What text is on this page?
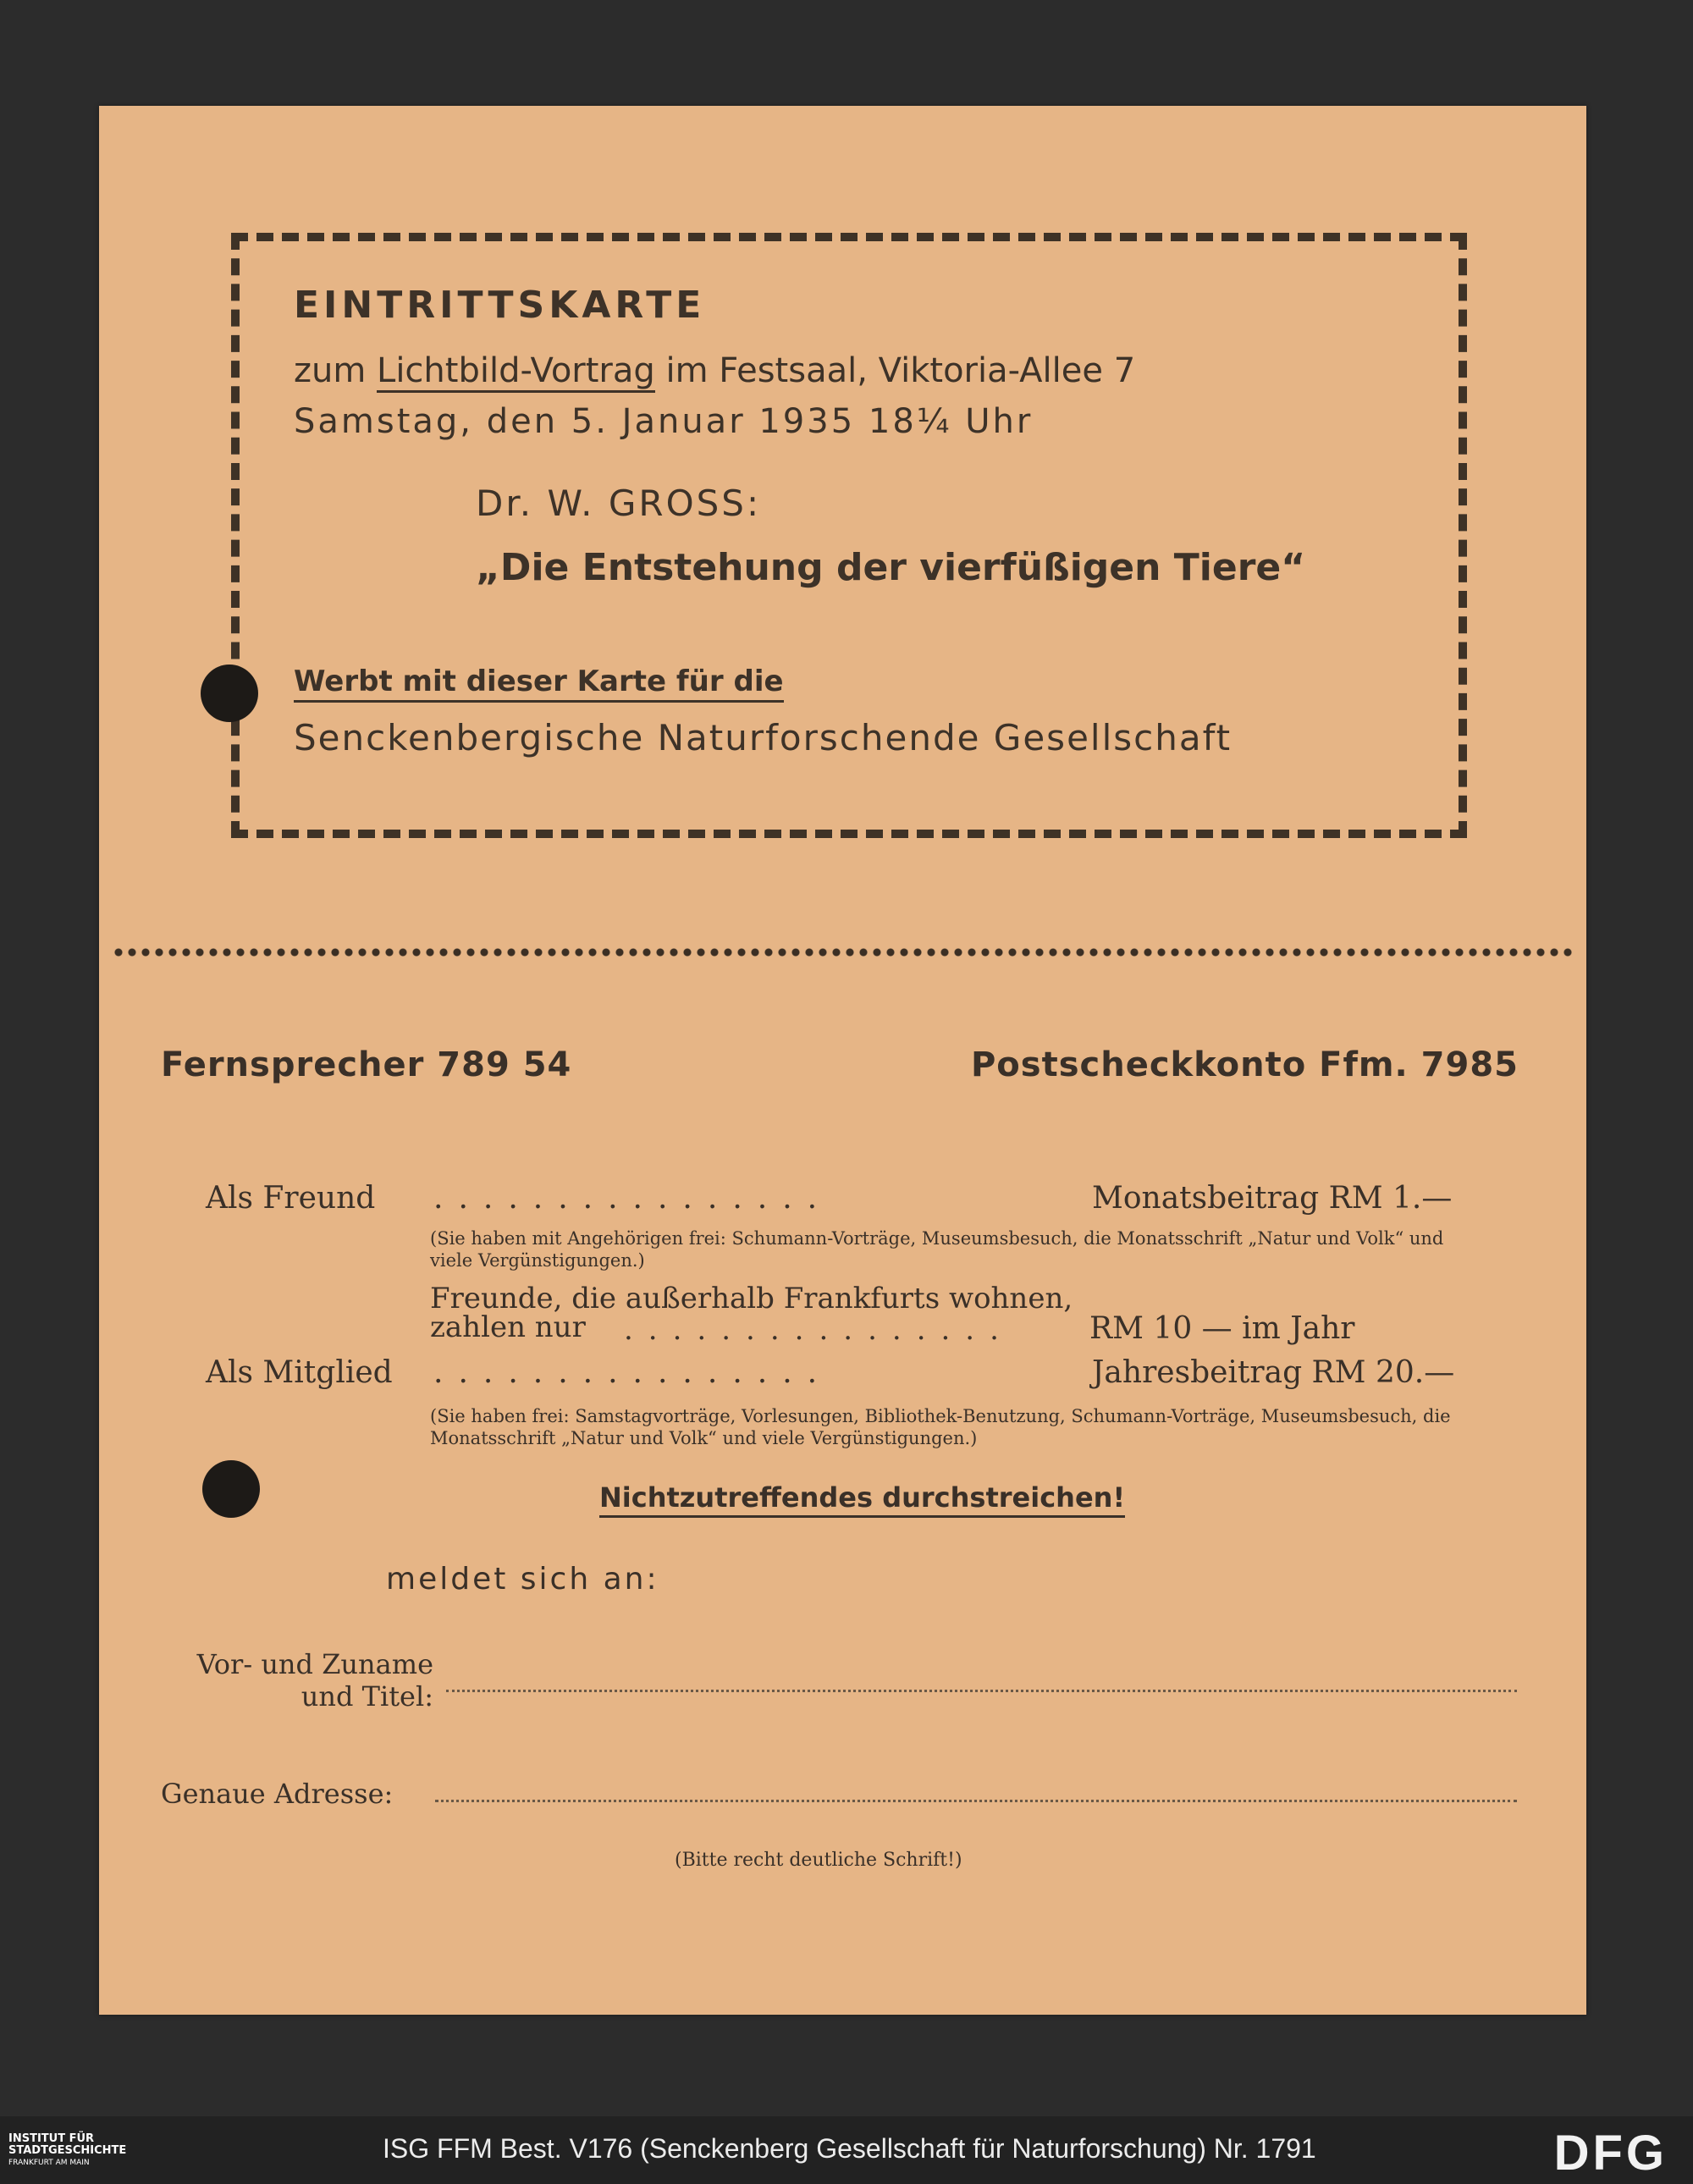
EINTRITTSKARTE
zum Lichtbild-Vortrag im Festsaal, Viktoria-Allee 7
Samstag, den 5. Januar 1935 18¼ Uhr
Dr. W. GROSS:
„Die Entstehung der vierfüßigen Tiere“
Werbt mit dieser Karte für die
Senckenbergische Naturforschende Gesellschaft
Fernsprecher 789 54	Postscheckkonto Ffm. 7985
Als Freund ................	Monatsbeitrag RM 1.—
(Sie haben mit Angehörigen frei: Schumann-Vorträge, Museumsbesuch, die Monatsschrift „Natur und Volk“ und viele Vergünstigungen.)
Freunde, die außerhalb Frankfurts wohnen,
zahlen nur ................ RM 10 — im Jahr
Als Mitglied ................	Jahresbeitrag RM 20.—
(Sie haben frei: Samstagvorträge, Vorlesungen, Bibliothek-Benutzung, Schumann-Vorträge, Museumsbesuch, die Monatsschrift „Natur und Volk“ und viele Vergünstigungen.)
Nichtzutreffendes durchstreichen!
meldet sich an:
Vor- und Zuname
und Titel:
Genaue Adresse:
(Bitte recht deutliche Schrift!)
INSTITUT FÜR
STADTGESCHICHTE
FRANKFURT AM MAIN	ISG FFM Best. V176 (Senckenberg Gesellschaft für Naturforschung) Nr. 1791	DFG
